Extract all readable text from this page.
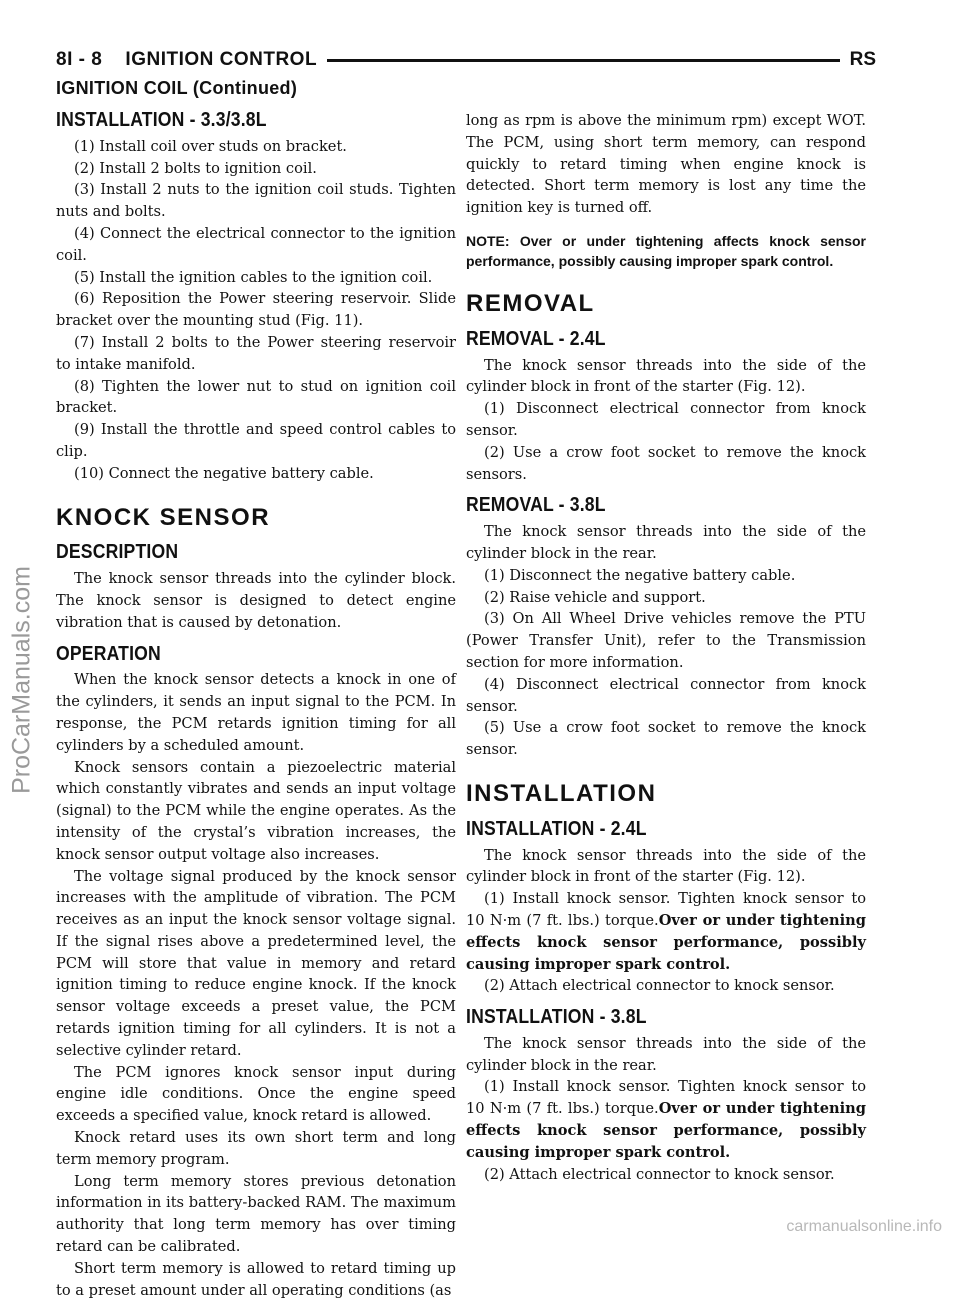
8I - 8    IGNITION CONTROL	RS
IGNITION COIL (Continued)
INSTALLATION - 3.3/3.8L

(1) Install coil over studs on bracket.

(2) Install 2 bolts to ignition coil.

(3) Install 2 nuts to the ignition coil studs. Tighten nuts and bolts.

(4) Connect the electrical connector to the ignition coil.

(5) Install the ignition cables to the ignition coil.

(6) Reposition the Power steering reservoir. Slide bracket over the mounting stud (Fig. 11).

(7) Install 2 bolts to the Power steering reservoir to intake manifold.

(8) Tighten the lower nut to stud on ignition coil bracket.

(9) Install the throttle and speed control cables to clip.

(10) Connect the negative battery cable.

KNOCK SENSOR
DESCRIPTION

The knock sensor threads into the cylinder block. The knock sensor is designed to detect engine vibration that is caused by detonation.

OPERATION

When the knock sensor detects a knock in one of the cylinders, it sends an input signal to the PCM. In response, the PCM retards ignition timing for all cylinders by a scheduled amount.

Knock sensors contain a piezoelectric material which constantly vibrates and sends an input voltage (signal) to the PCM while the engine operates. As the intensity of the crystal’s vibration increases, the knock sensor output voltage also increases.

The voltage signal produced by the knock sensor increases with the amplitude of vibration. The PCM receives as an input the knock sensor voltage signal. If the signal rises above a predetermined level, the PCM will store that value in memory and retard ignition timing to reduce engine knock. If the knock sensor voltage exceeds a preset value, the PCM retards ignition timing for all cylinders. It is not a selective cylinder retard.

The PCM ignores knock sensor input during engine idle conditions. Once the engine speed exceeds a specified value, knock retard is allowed.

Knock retard uses its own short term and long term memory program.

Long term memory stores previous detonation information in its battery-backed RAM. The maximum authority that long term memory has over timing retard can be calibrated.

Short term memory is allowed to retard timing up to a preset amount under all operating conditions (as

long as rpm is above the minimum rpm) except WOT. The PCM, using short term memory, can respond quickly to retard timing when engine knock is detected. Short term memory is lost any time the ignition key is turned off.

NOTE: Over or under tightening affects knock sensor performance, possibly causing improper spark control.

REMOVAL
REMOVAL - 2.4L

The knock sensor threads into the side of the cylinder block in front of the starter (Fig. 12).

(1) Disconnect electrical connector from knock sensor.

(2) Use a crow foot socket to remove the knock sensors.

REMOVAL - 3.8L

The knock sensor threads into the side of the cylinder block in the rear.

(1) Disconnect the negative battery cable.

(2) Raise vehicle and support.

(3) On All Wheel Drive vehicles remove the PTU (Power Transfer Unit), refer to the Transmission section for more information.

(4) Disconnect electrical connector from knock sensor.

(5) Use a crow foot socket to remove the knock sensor.

INSTALLATION
INSTALLATION - 2.4L

The knock sensor threads into the side of the cylinder block in front of the starter (Fig. 12).

(1) Install knock sensor. Tighten knock sensor to 10 N·m (7 ft. lbs.) torque.Over or under tightening effects knock sensor performance, possibly causing improper spark control.

(2) Attach electrical connector to knock sensor.

INSTALLATION - 3.8L

The knock sensor threads into the side of the cylinder block in the rear.

(1) Install knock sensor. Tighten knock sensor to 10 N·m (7 ft. lbs.) torque.Over or under tightening effects knock sensor performance, possibly causing improper spark control.

(2) Attach electrical connector to knock sensor.

ProCarManuals.com
carmanualsonline.info
